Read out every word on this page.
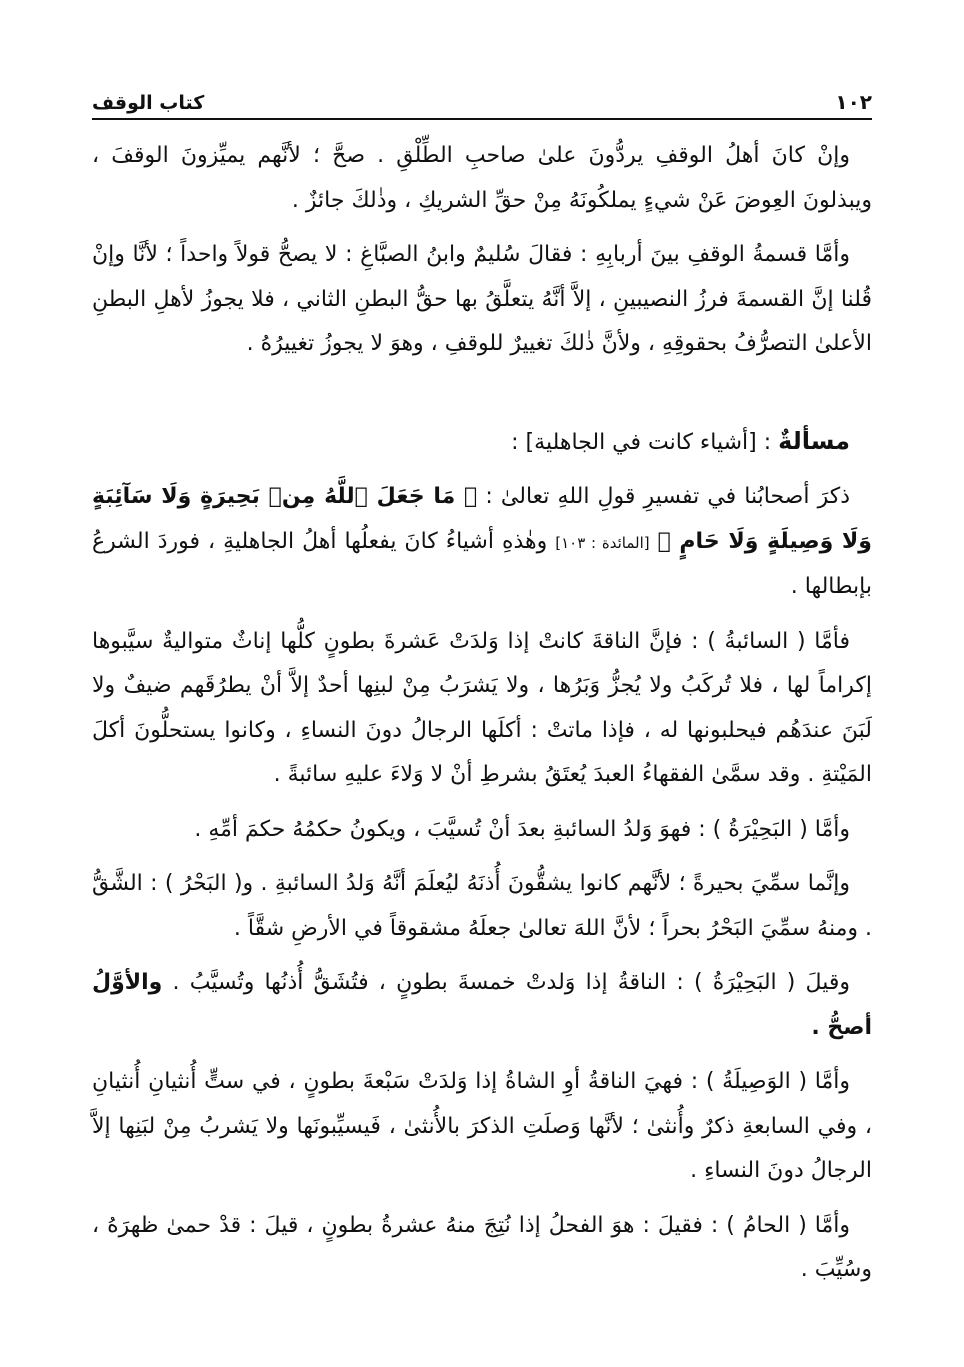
١٠٢
كتاب الوقف

وإنْ كانَ أهلُ الوقفِ يردُّونَ علىٰ صاحبِ الطِّلْقِ . صحَّ ؛ لأنَّهم يميِّزونَ الوقفَ ، ويبذلونَ العِوضَ عَنْ شيءٍ يملكُونَهُ مِنْ حقِّ الشريكِ ، وذٰلكَ جائزٌ .

وأمَّا قسمةُ الوقفِ بينَ أربابِهِ : فقالَ سُليمٌ وابنُ الصبَّاغِ : لا يصحُّ قولاً واحداً ؛ لأنَّا وإنْ قُلنا إنَّ القسمةَ فرزُ النصيبينِ ، إلاَّ أنَّهُ يتعلَّقُ بها حقُّ البطنِ الثاني ، فلا يجوزُ لأهلِ البطنِ الأعلىٰ التصرُّفُ بحقوقِهِ ، ولأنَّ ذٰلكَ تغييرٌ للوقفِ ، وهوَ لا يجوزُ تغييرُهُ .

مسألةٌ : [أشياء كانت في الجاهلية] :

ذكرَ أصحابُنا في تفسيرِ قولِ اللهِ تعالىٰ : ﴿ مَا جَعَلَ ٱللَّهُ مِنۢ بَحِيرَةٍ وَلَا سَآئِبَةٍ وَلَا وَصِيلَةٍ وَلَا حَامٍ ﴾ [المائدة : ١٠٣] وهٰذهِ أشياءُ كانَ يفعلُها أهلُ الجاهليةِ ، فوردَ الشرعُ بإبطالها .

فأمَّا ( السائبةُ ) : فإنَّ الناقةَ كانتْ إذا وَلدَتْ عَشرةَ بطونٍ كلُّها إناثٌ متواليةٌ سيَّبوها إكراماً لها ، فلا تُركَبُ ولا يُجزُّ وَبَرُها ، ولا يَشرَبُ مِنْ لبنِها أحدٌ إلاَّ أنْ يطرُقَهم ضيفٌ ولا لَبَنَ عندَهُم فيحلبونها له ، فإذا ماتتْ : أكلَها الرجالُ دونَ النساءِ ، وكانوا يستحلُّونَ أكلَ المَيْتةِ . وقد سمَّىٰ الفقهاءُ العبدَ يُعتَقُ بشرطِ أنْ لا وَلاءَ عليهِ سائبةً .

وأمَّا ( البَحِيْرَةُ ) : فهوَ وَلدُ السائبةِ بعدَ أنْ تُسيَّبَ ، ويكونُ حكمُهُ حكمَ أمِّهِ .

وإنَّما سمِّيَ بحيرةً ؛ لأنَّهم كانوا يشقُّونَ أُذنَهُ ليُعلَمَ أنَّهُ وَلدُ السائبةِ . و( البَحْرُ ) : الشَّقُّ . ومنهُ سمِّيَ البَحْرُ بحراً ؛ لأنَّ اللهَ تعالىٰ جعلَهُ مشقوقاً في الأرضِ شقَّاً .

وقيلَ ( البَحِيْرَةُ ) : الناقةُ إذا وَلدتْ خمسةَ بطونٍ ، فتُشَقُّ أُذنُها وتُسيَّبُ . والأوَّلُ أصحُّ .

وأمَّا ( الوَصِيلَةُ ) : فهيَ الناقةُ أوِ الشاةُ إذا وَلدَتْ سَبْعةَ بطونٍ ، في ستٍّ أُنثيانِ أُنثيانِ ، وفي السابعةِ ذكرٌ وأُنثىٰ ؛ لأنَّها وَصلَتِ الذكرَ بالأُنثىٰ ، فَيسيِّبونَها ولا يَشربُ مِنْ لبَنِها إلاَّ الرجالُ دونَ النساءِ .

وأمَّا ( الحامُ ) : فقيلَ : هوَ الفحلُ إذا نُتِجَ منهُ عشرةُ بطونٍ ، قيلَ : قدْ حمىٰ ظهرَهُ ، وسُيِّبَ .
